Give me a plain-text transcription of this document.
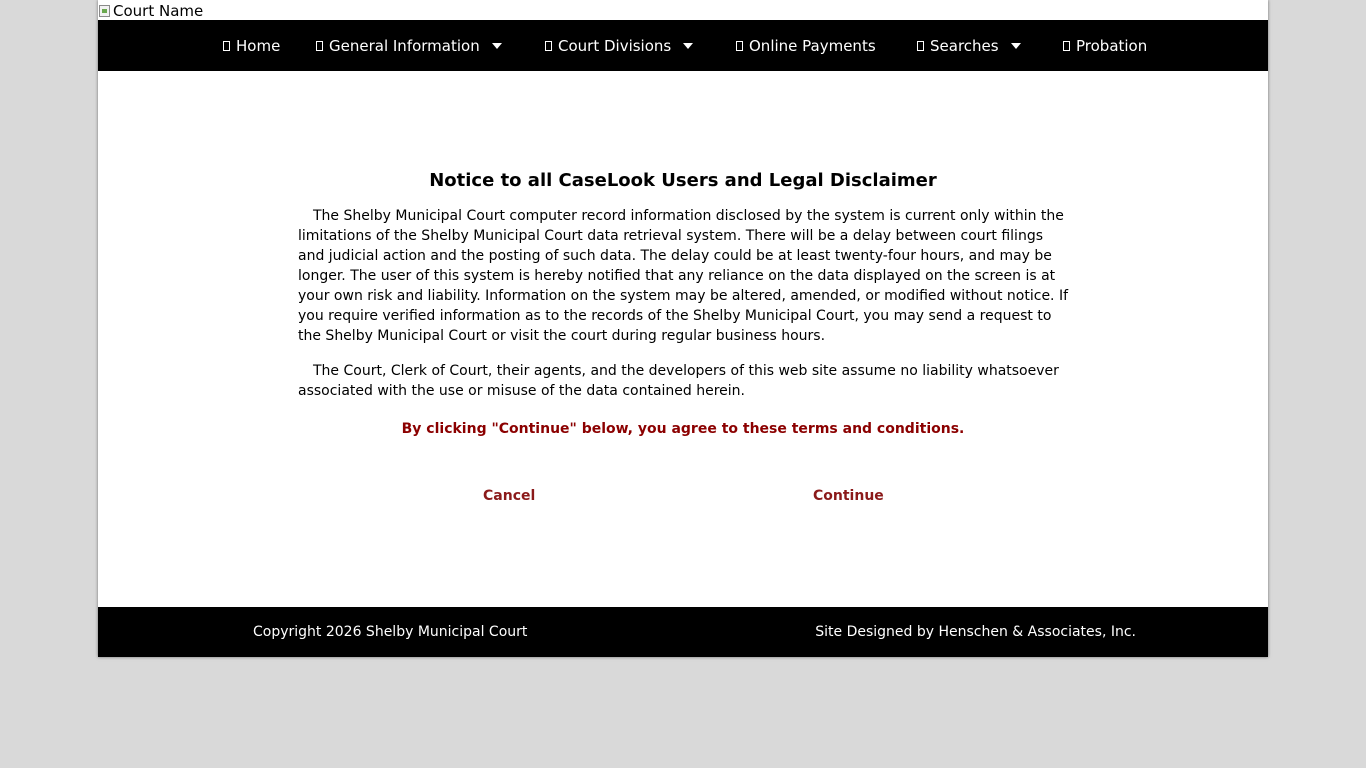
Court Name
Home	General Information	Court Divisions	Online Payments	Searches	Probation
Notice to all CaseLook Users and Legal Disclaimer
The Shelby Municipal Court computer record information disclosed by the system is current only within the limitations of the Shelby Municipal Court data retrieval system. There will be a delay between court filings and judicial action and the posting of such data. The delay could be at least twenty-four hours, and may be longer. The user of this system is hereby notified that any reliance on the data displayed on the screen is at your own risk and liability. Information on the system may be altered, amended, or modified without notice. If you require verified information as to the records of the Shelby Municipal Court, you may send a request to the Shelby Municipal Court or visit the court during regular business hours.
The Court, Clerk of Court, their agents, and the developers of this web site assume no liability whatsoever associated with the use or misuse of the data contained herein.
By clicking "Continue" below, you agree to these terms and conditions.
Cancel	Continue
Copyright 2026 Shelby Municipal Court	Site Designed by Henschen & Associates, Inc.
